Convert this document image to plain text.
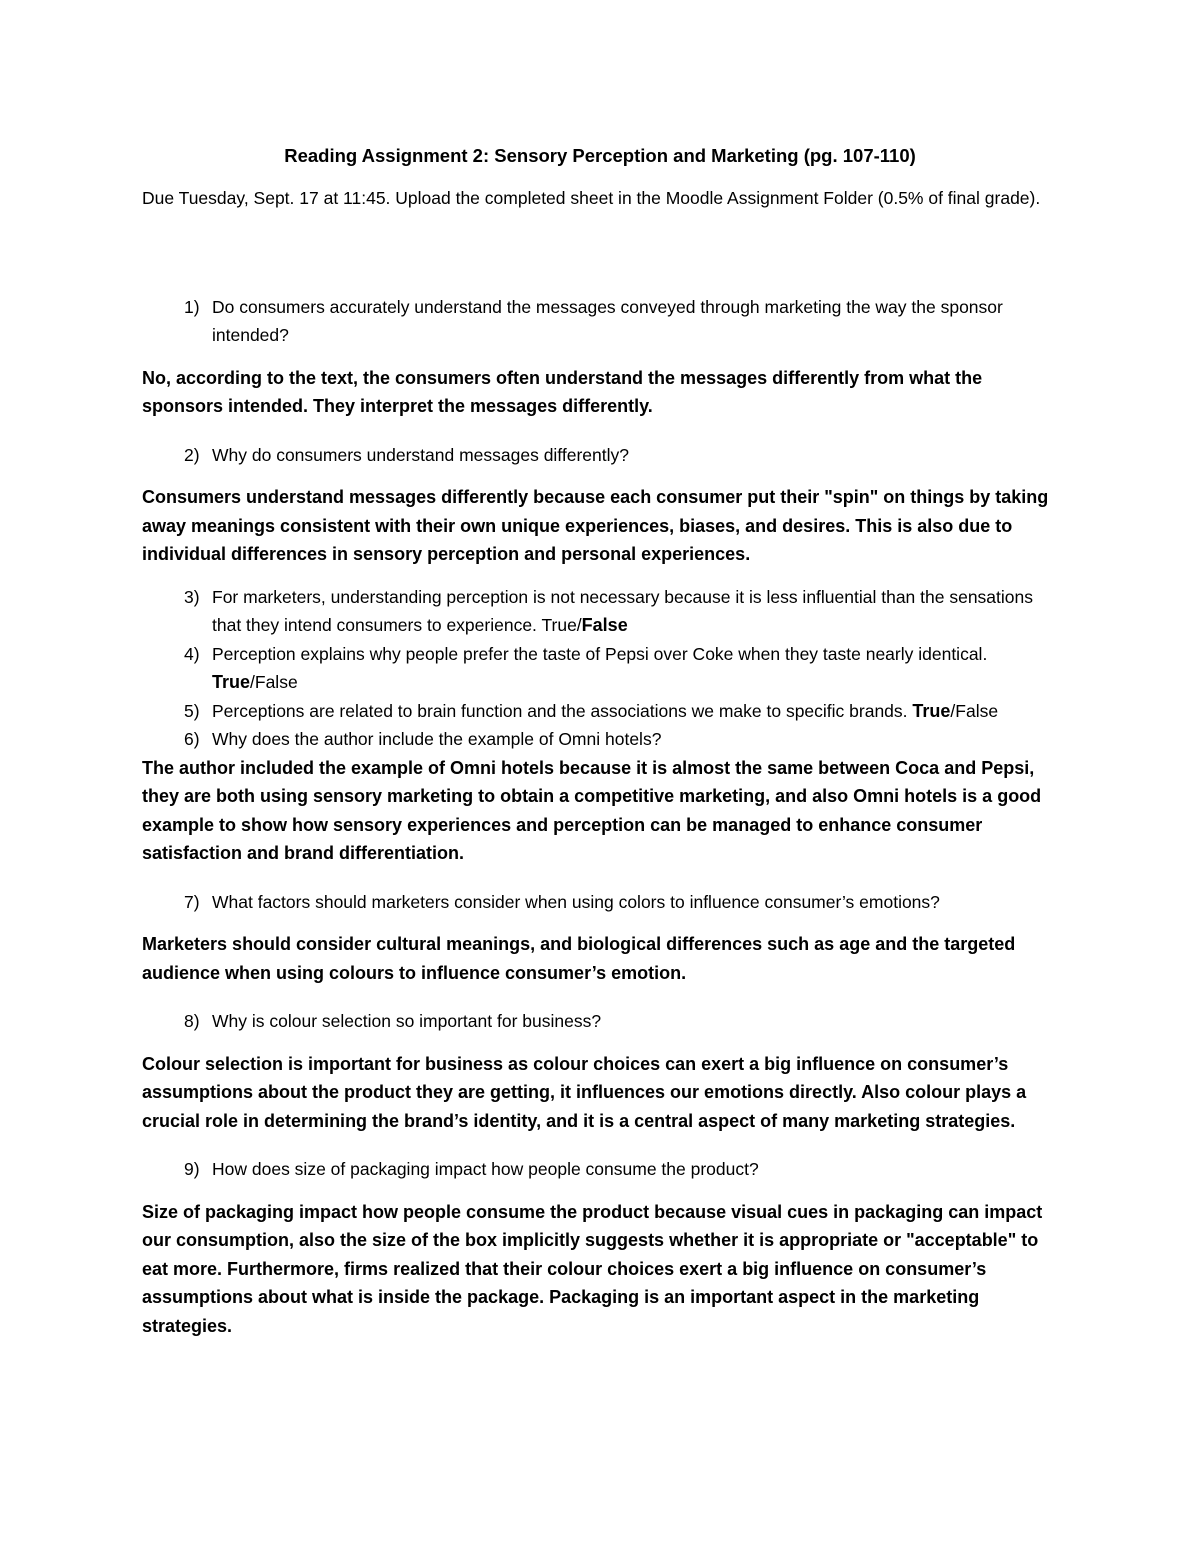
Reading Assignment 2: Sensory Perception and Marketing (pg. 107-110)
Due Tuesday, Sept. 17 at 11:45. Upload the completed sheet in the Moodle Assignment Folder (0.5% of final grade).
1) Do consumers accurately understand the messages conveyed through marketing the way the sponsor intended?
No, according to the text, the consumers often understand the messages differently from what the sponsors intended. They interpret the messages differently.
2) Why do consumers understand messages differently?
Consumers understand messages differently because each consumer put their "spin" on things by taking away meanings consistent with their own unique experiences, biases, and desires. This is also due to individual differences in sensory perception and personal experiences.
3) For marketers, understanding perception is not necessary because it is less influential than the sensations that they intend consumers to experience. True/False
4) Perception explains why people prefer the taste of Pepsi over Coke when they taste nearly identical. True/False
5) Perceptions are related to brain function and the associations we make to specific brands. True/False
6) Why does the author include the example of Omni hotels?
The author included the example of Omni hotels because it is almost the same between Coca and Pepsi, they are both using sensory marketing to obtain a competitive marketing, and also Omni hotels is a good example to show how sensory experiences and perception can be managed to enhance consumer satisfaction and brand differentiation.
7) What factors should marketers consider when using colors to influence consumer’s emotions?
Marketers should consider cultural meanings, and biological differences such as age and the targeted audience when using colours to influence consumer’s emotion.
8) Why is colour selection so important for business?
Colour selection is important for business as colour choices can exert a big influence on consumer’s assumptions about the product they are getting, it influences our emotions directly. Also colour plays a crucial role in determining the brand’s identity, and it is a central aspect of many marketing strategies.
9) How does size of packaging impact how people consume the product?
Size of packaging impact how people consume the product because visual cues in packaging can impact our consumption, also the size of the box implicitly suggests whether it is appropriate or "acceptable" to eat more. Furthermore, firms realized that their colour choices exert a big influence on consumer’s assumptions about what is inside the package. Packaging is an important aspect in the marketing strategies.
